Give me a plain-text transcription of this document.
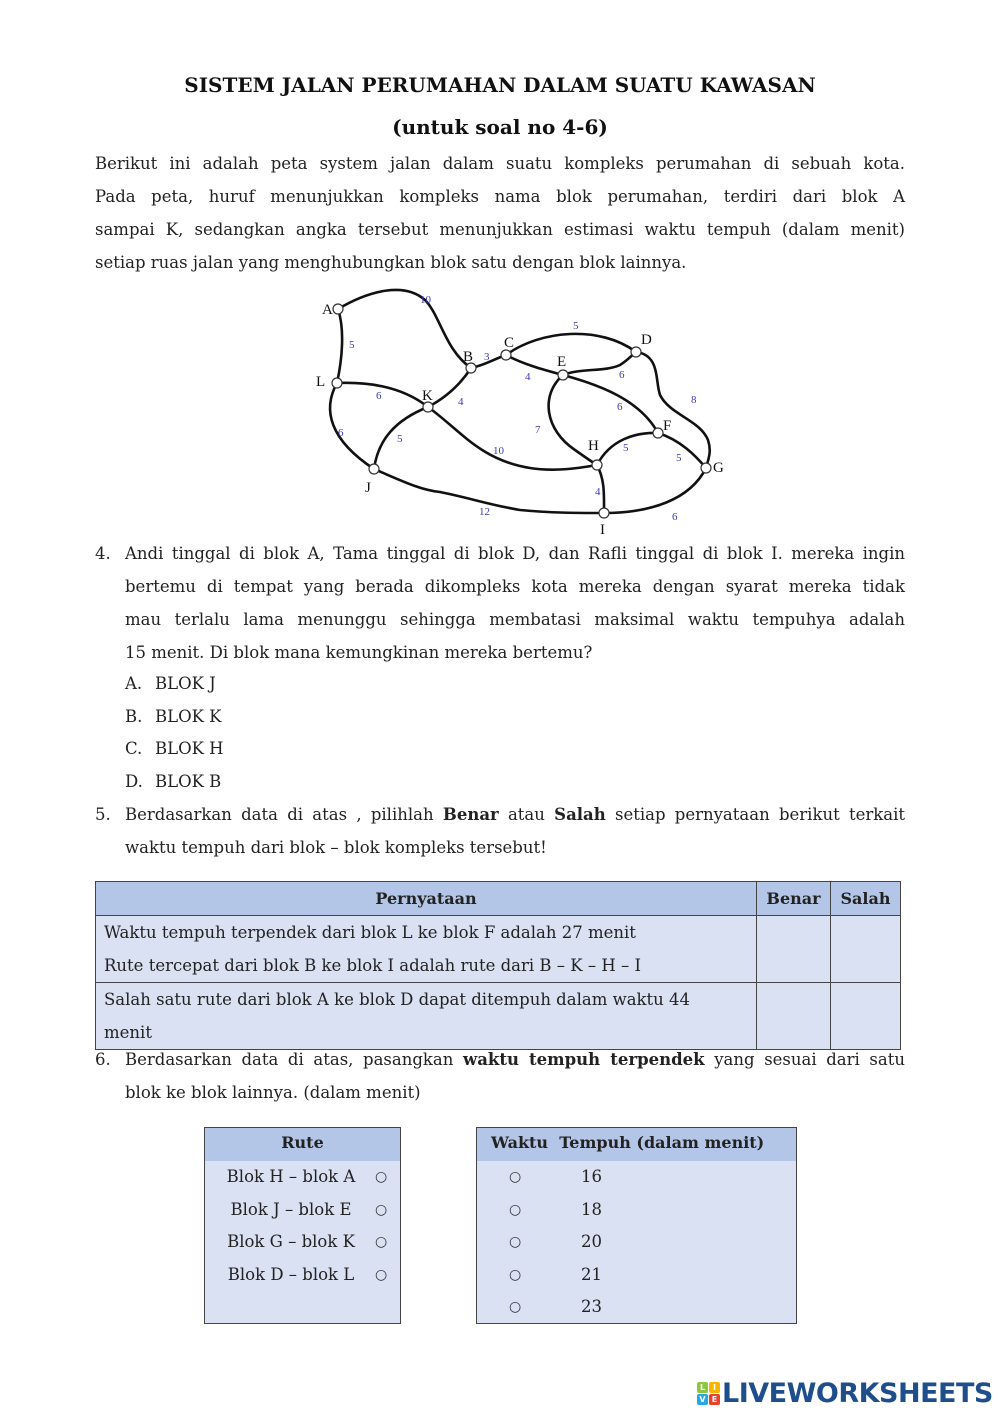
SISTEM JALAN PERUMAHAN DALAM SUATU KAWASAN
(untuk soal no 4-6)
Berikut ini adalah peta system jalan dalam suatu kompleks perumahan di sebuah kota.
Pada peta, huruf menunjukkan kompleks nama blok perumahan, terdiri dari blok A
sampai K, sedangkan angka tersebut menunjukkan estimasi waktu tempuh (dalam menit)
setiap ruas jalan yang menghubungkan blok satu dengan blok lainnya.
A
B
C	D
E
F
G
H
I
J
K
L
10
5
3
4
5
4	6
6
7
8
6
6	5
10	5
5
4
12	6
4. Andi tinggal di blok A, Tama tinggal di blok D, dan Rafli tinggal di blok I. mereka ingin
bertemu di tempat yang berada dikompleks kota mereka dengan syarat mereka tidak
mau terlalu lama menunggu sehingga membatasi maksimal waktu tempuhya adalah
15 menit. Di blok mana kemungkinan mereka bertemu?
A. BLOK J
B. BLOK K
C. BLOK H
D. BLOK B
5. Berdasarkan data di atas , pilihlah Benar atau Salah setiap pernyataan berikut terkait
waktu tempuh dari blok – blok kompleks tersebut!
Pernyataan	Benar	Salah

Waktu tempuh terpendek dari blok L ke blok F adalah 27 menit
Rute tercepat dari blok B ke blok I adalah rute dari B – K – H – I		

Salah satu rute dari blok A ke blok D dapat ditempuh dalam waktu 44
menit		

6. Berdasarkan data di atas, pasangkan waktu tempuh terpendek yang sesuai dari satu
blok ke blok lainnya. (dalam menit)
Rute
Blok H – blok A	○
Blok J – blok E	○
Blok G – blok K	○
Blok D – blok L	○
Waktu  Tempuh (dalam menit)
○	16
○	18
○	20
○	21
○	23
L I
V E LIVEWORKSHEETS
